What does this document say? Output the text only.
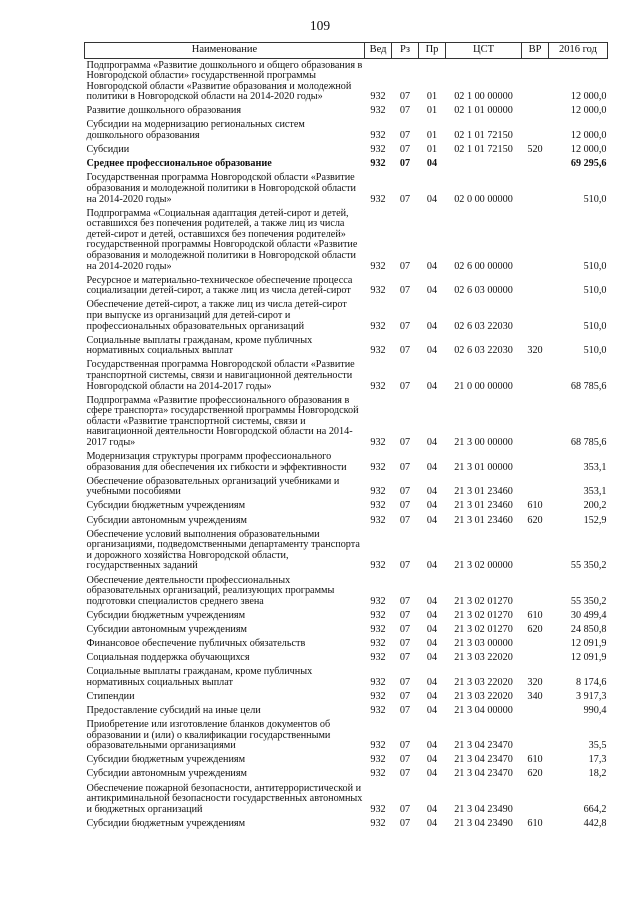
109
Наименование	Вед	Рз	Пр	ЦСТ	ВР	2016 год
Подпрограмма «Развитие дошкольного и общего образования в Новгородской области» государственной программы Новгородской области «Развитие образования и молодежной политики в Новгородской области на 2014-2020 годы»	932	07	01	02 1 00 00000		12 000,0
Развитие дошкольного образования	932	07	01	02 1 01 00000		12 000,0
Субсидии на модернизацию региональных систем дошкольного образования	932	07	01	02 1 01 72150		12 000,0
Субсидии	932	07	01	02 1 01 72150	520	12 000,0
Среднее профессиональное образование	932	07	04			69 295,6
Государственная программа Новгородской области «Развитие образования и молодежной политики в Новгородской области на 2014-2020 годы»	932	07	04	02 0 00 00000		510,0
Подпрограмма «Социальная адаптация детей-сирот и детей, оставшихся без попечения родителей, а также лиц из числа детей-сирот и детей, оставшихся без попечения родителей» государственной программы Новгородской области «Развитие образования и молодежной политики в Новгородской области на 2014-2020 годы»	932	07	04	02 6 00 00000		510,0
Ресурсное и материально-техническое обеспечение процесса социализации детей-сирот, а также лиц из числа детей-сирот	932	07	04	02 6 03 00000		510,0
Обеспечение детей-сирот, а также лиц из числа детей-сирот при выпуске из организаций для детей-сирот и профессиональных образовательных организаций	932	07	04	02 6 03 22030		510,0
Социальные выплаты гражданам, кроме публичных нормативных социальных выплат	932	07	04	02 6 03 22030	320	510,0
Государственная программа Новгородской области «Развитие транспортной системы, связи и навигационной деятельности Новгородской области на 2014-2017 годы»	932	07	04	21 0 00 00000		68 785,6
Подпрограмма «Развитие профессионального образования в сфере транспорта» государственной программы Новгородской области «Развитие транспортной системы, связи и навигационной деятельности Новгородской области на 2014-2017 годы»	932	07	04	21 3 00 00000		68 785,6
Модернизация структуры программ профессионального образования для обеспечения их гибкости и эффективности	932	07	04	21 3 01 00000		353,1
Обеспечение образовательных организаций учебниками и учебными пособиями	932	07	04	21 3 01 23460		353,1
Субсидии бюджетным учреждениям	932	07	04	21 3 01 23460	610	200,2
Субсидии автономным учреждениям	932	07	04	21 3 01 23460	620	152,9
Обеспечение условий выполнения образовательными организациями, подведомственными департаменту транспорта и дорожного хозяйства Новгородской области, государственных заданий	932	07	04	21 3 02 00000		55 350,2
Обеспечение деятельности профессиональных образовательных организаций, реализующих программы подготовки специалистов среднего звена	932	07	04	21 3 02 01270		55 350,2
Субсидии бюджетным учреждениям	932	07	04	21 3 02 01270	610	30 499,4
Субсидии автономным учреждениям	932	07	04	21 3 02 01270	620	24 850,8
Финансовое обеспечение публичных обязательств	932	07	04	21 3 03 00000		12 091,9
Социальная поддержка обучающихся	932	07	04	21 3 03 22020		12 091,9
Социальные выплаты гражданам, кроме публичных нормативных социальных выплат	932	07	04	21 3 03 22020	320	8 174,6
Стипендии	932	07	04	21 3 03 22020	340	3 917,3
Предоставление субсидий на иные цели	932	07	04	21 3 04 00000		990,4
Приобретение или изготовление бланков документов об образовании и (или) о квалификации государственными образовательными организациями	932	07	04	21 3 04 23470		35,5
Субсидии бюджетным учреждениям	932	07	04	21 3 04 23470	610	17,3
Субсидии автономным учреждениям	932	07	04	21 3 04 23470	620	18,2
Обеспечение пожарной безопасности, антитеррористической и антикриминальной безопасности государственных автономных и бюджетных организаций	932	07	04	21 3 04 23490		664,2
Субсидии бюджетным учреждениям	932	07	04	21 3 04 23490	610	442,8
